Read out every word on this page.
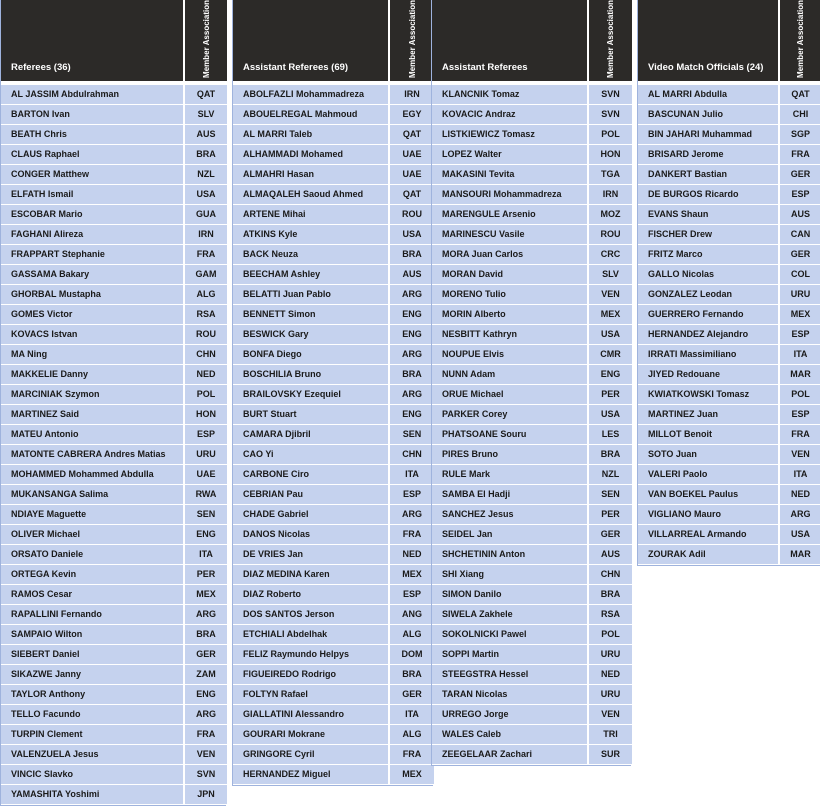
Referees (36)	Member Association

AL JASSIM Abdulrahman	QAT
BARTON Ivan	SLV
BEATH Chris	AUS
CLAUS Raphael	BRA
CONGER Matthew	NZL
ELFATH Ismail	USA
ESCOBAR Mario	GUA
FAGHANI Alireza	IRN
FRAPPART Stephanie	FRA
GASSAMA Bakary	GAM
GHORBAL Mustapha	ALG
GOMES Victor	RSA
KOVACS Istvan	ROU
MA Ning	CHN
MAKKELIE Danny	NED
MARCINIAK Szymon	POL
MARTINEZ Said	HON
MATEU Antonio	ESP
MATONTE CABRERA Andres Matias	URU
MOHAMMED Mohammed Abdulla	UAE
MUKANSANGA Salima	RWA
NDIAYE Maguette	SEN
OLIVER Michael	ENG
ORSATO Daniele	ITA
ORTEGA Kevin	PER
RAMOS Cesar	MEX
RAPALLINI Fernando	ARG
SAMPAIO Wilton	BRA
SIEBERT Daniel	GER
SIKAZWE Janny	ZAM
TAYLOR Anthony	ENG
TELLO Facundo	ARG
TURPIN Clement	FRA
VALENZUELA Jesus	VEN
VINCIC Slavko	SVN
YAMASHITA Yoshimi	JPN
Assistant Referees (69)	Member Association

ABOLFAZLI Mohammadreza	IRN
ABOUELREGAL Mahmoud	EGY
AL MARRI Taleb	QAT
ALHAMMADI Mohamed	UAE
ALMAHRI Hasan	UAE
ALMAQALEH Saoud Ahmed	QAT
ARTENE Mihai	ROU
ATKINS Kyle	USA
BACK Neuza	BRA
BEECHAM Ashley	AUS
BELATTI Juan Pablo	ARG
BENNETT Simon	ENG
BESWICK Gary	ENG
BONFA Diego	ARG
BOSCHILIA Bruno	BRA
BRAILOVSKY Ezequiel	ARG
BURT Stuart	ENG
CAMARA Djibril	SEN
CAO Yi	CHN
CARBONE Ciro	ITA
CEBRIAN Pau	ESP
CHADE Gabriel	ARG
DANOS Nicolas	FRA
DE VRIES Jan	NED
DIAZ MEDINA Karen	MEX
DIAZ Roberto	ESP
DOS SANTOS Jerson	ANG
ETCHIALI Abdelhak	ALG
FELIZ Raymundo Helpys	DOM
FIGUEIREDO Rodrigo	BRA
FOLTYN Rafael	GER
GIALLATINI Alessandro	ITA
GOURARI Mokrane	ALG
GRINGORE Cyril	FRA
HERNANDEZ Miguel	MEX
Assistant Referees	Member Association

KLANCNIK Tomaz	SVN
KOVACIC Andraz	SVN
LISTKIEWICZ Tomasz	POL
LOPEZ Walter	HON
MAKASINI Tevita	TGA
MANSOURI Mohammadreza	IRN
MARENGULE Arsenio	MOZ
MARINESCU Vasile	ROU
MORA Juan Carlos	CRC
MORAN David	SLV
MORENO Tulio	VEN
MORIN Alberto	MEX
NESBITT Kathryn	USA
NOUPUE Elvis	CMR
NUNN Adam	ENG
ORUE Michael	PER
PARKER Corey	USA
PHATSOANE Souru	LES
PIRES Bruno	BRA
RULE Mark	NZL
SAMBA El Hadji	SEN
SANCHEZ Jesus	PER
SEIDEL Jan	GER
SHCHETININ Anton	AUS
SHI Xiang	CHN
SIMON Danilo	BRA
SIWELA Zakhele	RSA
SOKOLNICKI Pawel	POL
SOPPI Martin	URU
STEEGSTRA Hessel	NED
TARAN Nicolas	URU
URREGO Jorge	VEN
WALES Caleb	TRI
ZEEGELAAR Zachari	SUR
Video Match Officials (24)	Member Association

AL MARRI Abdulla	QAT
BASCUNAN Julio	CHI
BIN JAHARI Muhammad	SGP
BRISARD Jerome	FRA
DANKERT Bastian	GER
DE BURGOS Ricardo	ESP
EVANS Shaun	AUS
FISCHER Drew	CAN
FRITZ Marco	GER
GALLO Nicolas	COL
GONZALEZ Leodan	URU
GUERRERO Fernando	MEX
HERNANDEZ Alejandro	ESP
IRRATI Massimiliano	ITA
JIYED Redouane	MAR
KWIATKOWSKI Tomasz	POL
MARTINEZ Juan	ESP
MILLOT Benoit	FRA
SOTO Juan	VEN
VALERI Paolo	ITA
VAN BOEKEL Paulus	NED
VIGLIANO Mauro	ARG
VILLARREAL Armando	USA
ZOURAK Adil	MAR
